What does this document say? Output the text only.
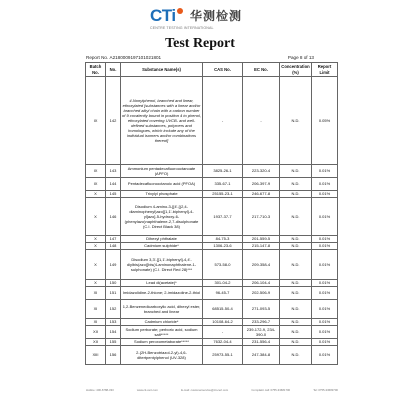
CTi	华测检测
CENTRE TESTING INTERNATIONAL
Test Report
Report No. A2180009197101021801	Page 8 of 13
Batch No.	No.	Substance Name(s)	CAS No.	EC No.	Concentration (%)	Report Limit
IX	142	4-Nonylphenol, branched and linear, ethoxylated [substances with a linear and/or branched alkyl chain with a carbon number of 9 covalently bound in position 4 to phenol, ethoxylated covering UVCB- and well-defined substances, polymers and homologues, which include any of the individual isomers and/or combinations thereof]	-	-	N.D.	0.05%
IX	143	Ammonium pentadecafluorooctanoate (APFO)	3825-26-1	223-320-4	N.D.	0.01%
IX	144	Pentadecafluorooctanoic acid (PFOA)	335-67-1	206-397-9	N.D.	0.01%
X	145	Trixylyl phosphate	25155-23-1	246-677-8	N.D.	0.01%
X	146	Disodium 4-amino-3-[[4'-[(2,4-diaminophenyl)azo][1,1'-biphenyl]-4-yl]azo]-5-hydroxy-6-(phenylazo)naphthalene-2,7-disulphonate (C.I. Direct Black 38)	1937-37-7	217-710-3	N.D.	0.01%
X	147	Dihexyl phthalate	84-75-3	201-559-5	N.D.	0.01%
X	148	Cadmium sulphide*	1306-23-6	215-147-8	N.D.	0.01%
X	149	Disodium 3,3'-[[1,1'-biphenyl]-4,4'-diylbis(azo)]bis(4-aminonaphthalene-1-sulphonate) (C.I. Direct Red 28)***	573-58-0	209-358-4	N.D.	0.01%
X	150	Lead di(acetate)*	301-04-2	206-104-4	N.D.	0.01%
XI	151	Imidazolidine-2-thione; 2-imidazoline-2-thiol	96-45-7	202-506-9	N.D.	0.01%
XI	152	1,2-Benzenedicarboxylic acid, dihexyl ester, branched and linear	68515-50-4	271-093-5	N.D.	0.01%
XI	153	Cadmium chloride*	10108-64-2	233-296-7	N.D.	0.01%
XII	154	Sodium perborate; perboric acid, sodium salt*****	-	239-172-9, 234-390-0	N.D.	0.01%
XII	155	Sodium peroxometaborate*****	7632-04-4	231-556-4	N.D.	0.01%
XIII	156	2-(2H-Benzotriazol-2-yl)-4,6-ditertpentylphenol (UV-328)	25973-55-1	247-384-8	N.D.	0.01%
Hotline: 400-6788-333	www.cti-cert.com	E-mail: customerservice@cti-cert.com	Complaint call: 0755-33681700	Tel: 0755-33683700
